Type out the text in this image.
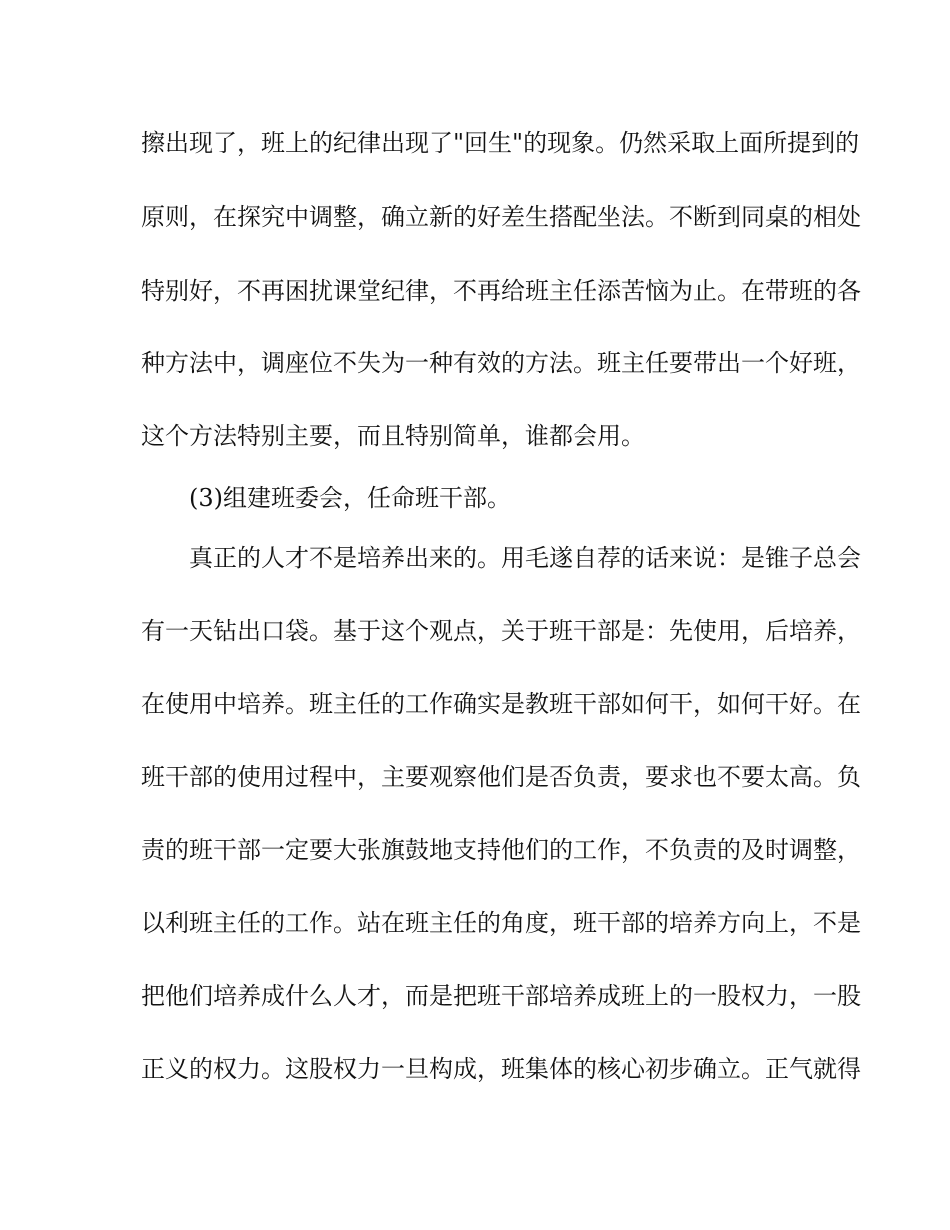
擦出现了，班上的纪律出现了"回生"的现象。仍然采取上面所提到的
原则，在探究中调整，确立新的好差生搭配坐法。不断到同桌的相处
特别好，不再困扰课堂纪律，不再给班主任添苦恼为止。在带班的各
种方法中，调座位不失为一种有效的方法。班主任要带出一个好班，
这个方法特别主要，而且特别简单，谁都会用。
(3)组建班委会，任命班干部。
真正的人才不是培养出来的。用毛遂自荐的话来说：是锥子总会
有一天钻出口袋。基于这个观点，关于班干部是：先使用，后培养，
在使用中培养。班主任的工作确实是教班干部如何干，如何干好。在
班干部的使用过程中，主要观察他们是否负责，要求也不要太高。负
责的班干部一定要大张旗鼓地支持他们的工作，不负责的及时调整，
以利班主任的工作。站在班主任的角度，班干部的培养方向上，不是
把他们培养成什么人才，而是把班干部培养成班上的一股权力，一股
正义的权力。这股权力一旦构成，班集体的核心初步确立。正气就得
